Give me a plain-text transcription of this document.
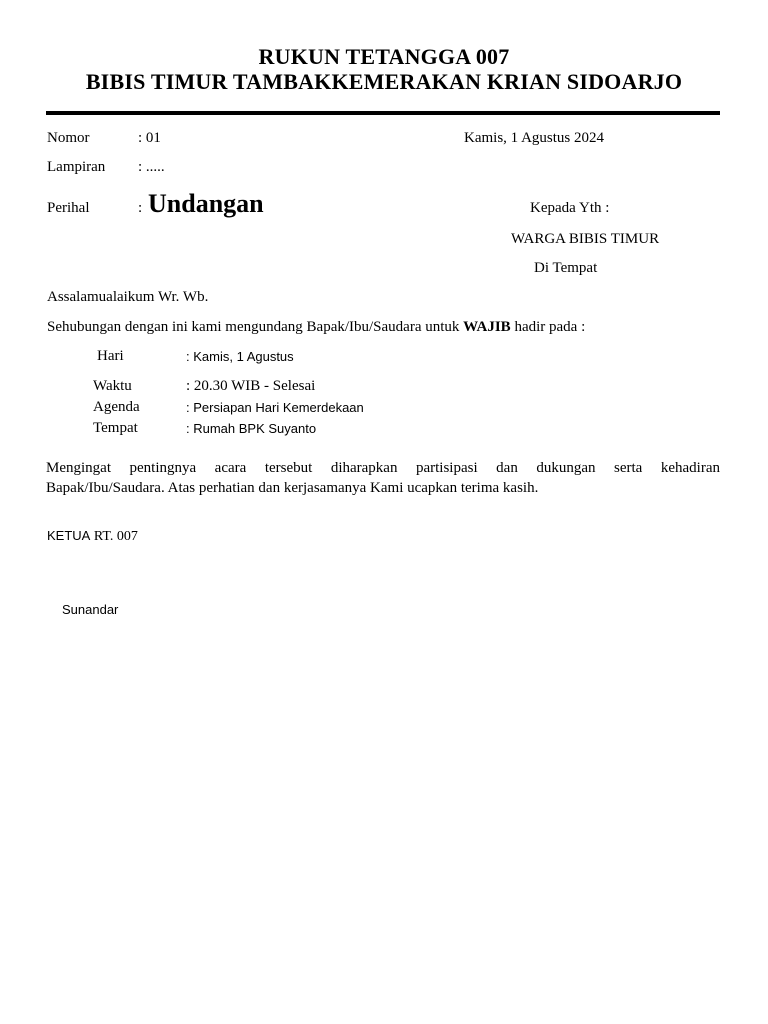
RUKUN TETANGGA 007
BIBIS TIMUR TAMBAKKEMERAKAN KRIAN SIDOARJO
Nomor	: 01	Kamis, 1 Agustus 2024
Lampiran : .....
Perihal	: Undangan	Kepada Yth :
WARGA BIBIS TIMUR
Di Tempat
Assalamualaikum Wr. Wb.
Sehubungan dengan ini kami mengundang Bapak/Ibu/Saudara untuk WAJIB hadir pada :
Hari	: Kamis, 1 Agustus
Waktu	: 20.30 WIB - Selesai
Agenda	: Persiapan Hari Kemerdekaan
Tempat	: Rumah BPK Suyanto
Mengingat pentingnya acara tersebut diharapkan partisipasi dan dukungan serta kehadiran
Bapak/Ibu/Saudara. Atas perhatian dan kerjasamanya Kami ucapkan terima kasih.
KETUA RT. 007
Sunandar
